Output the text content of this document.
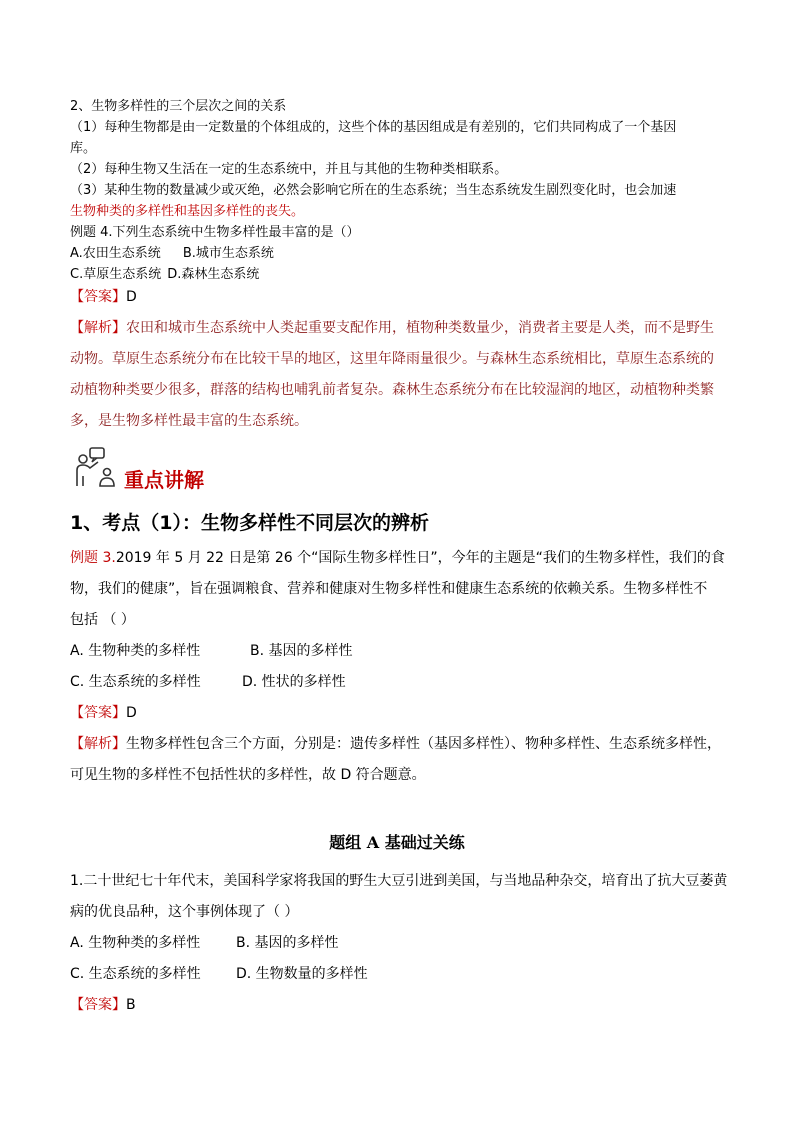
2、生物多样性的三个层次之间的关系
（1）每种生物都是由一定数量的个体组成的，这些个体的基因组成是有差别的，它们共同构成了一个基因
库。
（2）每种生物又生活在一定的生态系统中，并且与其他的生物种类相联系。
（3）某种生物的数量减少或灭绝，必然会影响它所在的生态系统；当生态系统发生剧烈变化时，也会加速
生物种类的多样性和基因多样性的丧失。
例题 4.下列生态系统中生物多样性最丰富的是（）
A.农田生态系统 B.城市生态系统
C.草原生态系统 D.森林生态系统
【答案】D
【解析】农田和城市生态系统中人类起重要支配作用，植物种类数量少，消费者主要是人类，而不是野生
动物。草原生态系统分布在比较干旱的地区，这里年降雨量很少。与森林生态系统相比，草原生态系统的
动植物种类要少很多，群落的结构也哺乳前者复杂。森林生态系统分布在比较湿润的地区，动植物种类繁
多，是生物多样性最丰富的生态系统。
重点讲解
1、考点（1）：生物多样性不同层次的辨析
例题 3.2019 年 5 月 22 日是第 26 个“国际生物多样性日”，今年的主题是“我们的生物多样性，我们的食
物，我们的健康”，旨在强调粮食、营养和健康对生物多样性和健康生态系统的依赖关系。生物多样性不
包括 （ ）
A. 生物种类的多样性	B. 基因的多样性
C. 生态系统的多样性	D. 性状的多样性
【答案】D
【解析】生物多样性包含三个方面，分别是：遗传多样性（基因多样性）、物种多样性、生态系统多样性，
可见生物的多样性不包括性状的多样性，故 D 符合题意。
题组 A 基础过关练
1.二十世纪七十年代末，美国科学家将我国的野生大豆引进到美国，与当地品种杂交，培育出了抗大豆萎黄
病的优良品种，这个事例体现了（ ）
A. 生物种类的多样性	B. 基因的多样性
C. 生态系统的多样性	D. 生物数量的多样性
【答案】B
